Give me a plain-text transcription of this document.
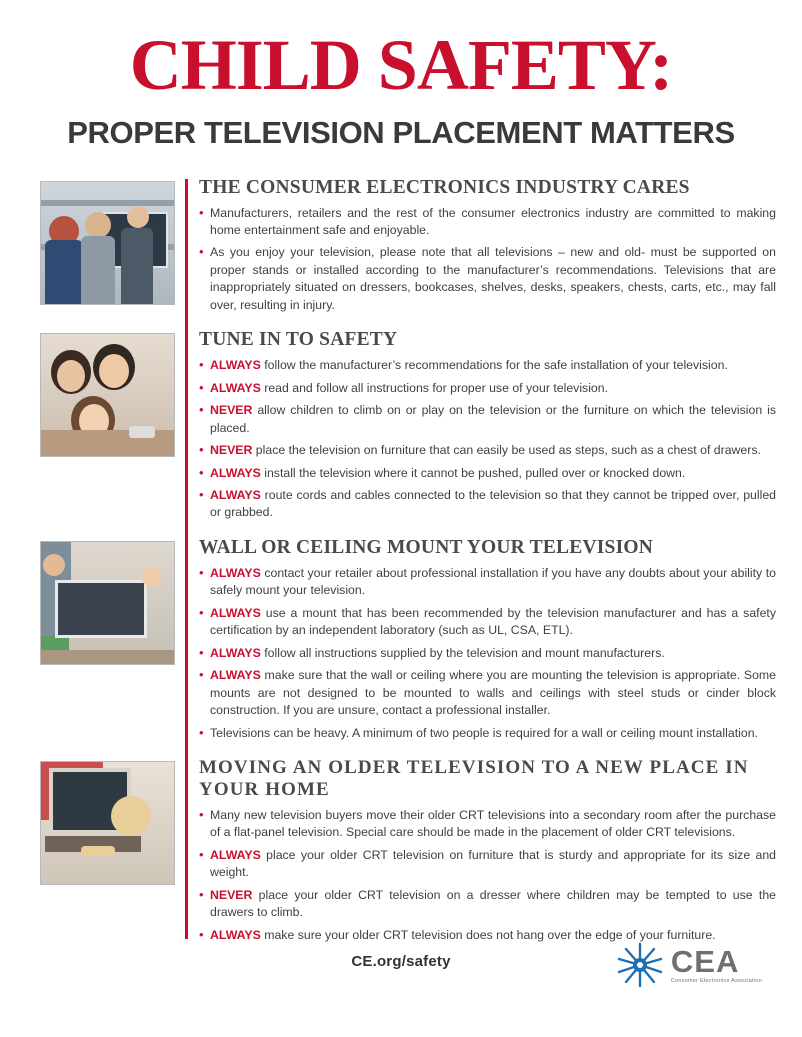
CHILD SAFETY:
PROPER TELEVISION PLACEMENT MATTERS
THE CONSUMER ELECTRONICS INDUSTRY CARES
• Manufacturers, retailers and the rest of the consumer electronics industry are committed to making home entertainment safe and enjoyable.
• As you enjoy your television, please note that all televisions – new and old- must be supported on proper stands or installed according to the manufacturer’s recommendations. Televisions that are inappropriately situated on dressers, bookcases, shelves, desks, speakers, chests, carts, etc., may fall over, resulting in injury.
TUNE IN TO SAFETY
• ALWAYS follow the manufacturer’s recommendations for the safe installation of your television.
• ALWAYS read and follow all instructions for proper use of your television.
• NEVER allow children to climb on or play on the television or the furniture on which the television is placed.
• NEVER place the television on furniture that can easily be used as steps, such as a chest of drawers.
• ALWAYS install the television where it cannot be pushed, pulled over or knocked down.
• ALWAYS route cords and cables connected to the television so that they cannot be tripped over, pulled or grabbed.
WALL OR CEILING MOUNT YOUR TELEVISION
• ALWAYS contact your retailer about professional installation if you have any doubts about your ability to safely mount your television.
• ALWAYS use a mount that has been recommended by the television manufacturer and has a safety certification by an independent laboratory (such as UL, CSA, ETL).
• ALWAYS follow all instructions supplied by the television and mount manufacturers.
• ALWAYS make sure that the wall or ceiling where you are mounting the television is appropriate. Some mounts are not designed to be mounted to walls and ceilings with steel studs or cinder block construction. If you are unsure, contact a professional installer.
• Televisions can be heavy. A minimum of two people is required for a wall or ceiling mount installation.
MOVING AN OLDER TELEVISION TO A NEW PLACE IN YOUR HOME
• Many new television buyers move their older CRT televisions into a secondary room after the purchase of a flat-panel television. Special care should be made in the placement of older CRT televisions.
• ALWAYS place your older CRT television on furniture that is sturdy and appropriate for its size and weight.
• NEVER place your older CRT television on a dresser where children may be tempted to use the drawers to climb.
• ALWAYS make sure your older CRT television does not hang over the edge of your furniture.
CE.org/safety	CEA
Consumer Electronics Association
